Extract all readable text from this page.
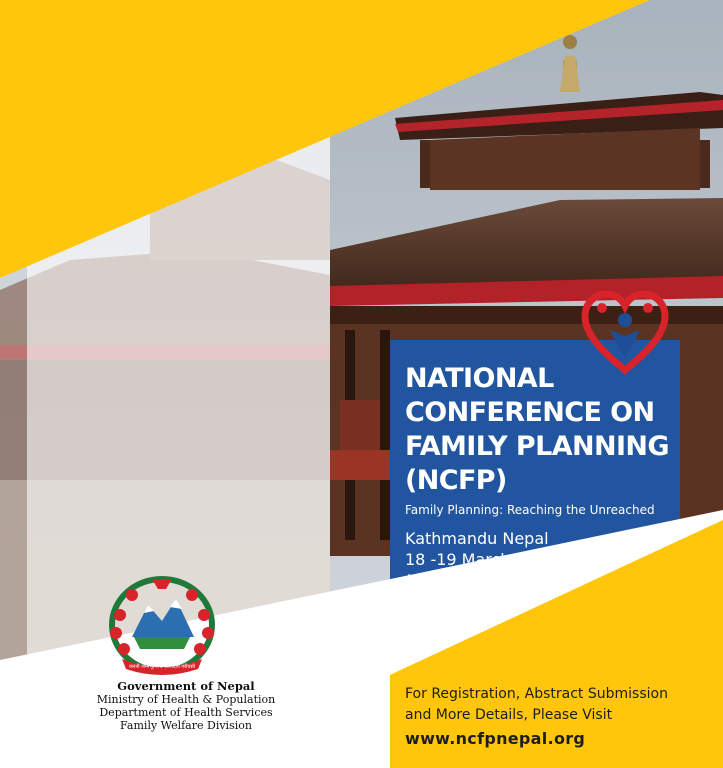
NATIONAL
CONFERENCE ON
FAMILY PLANNING
(NCFP)
Family Planning: Reaching the Unreached
Kathmandu Nepal
18 -19 March 2019
(४-५ चैत्र २०७५)
जननी जन्मभूमिश्च स्वर्गादपि गरीयसी
Government of Nepal
Ministry of Health & Population
Department of Health Services
Family Welfare Division
For Registration, Abstract Submission
and More Details, Please Visit
www.ncfpnepal.org
